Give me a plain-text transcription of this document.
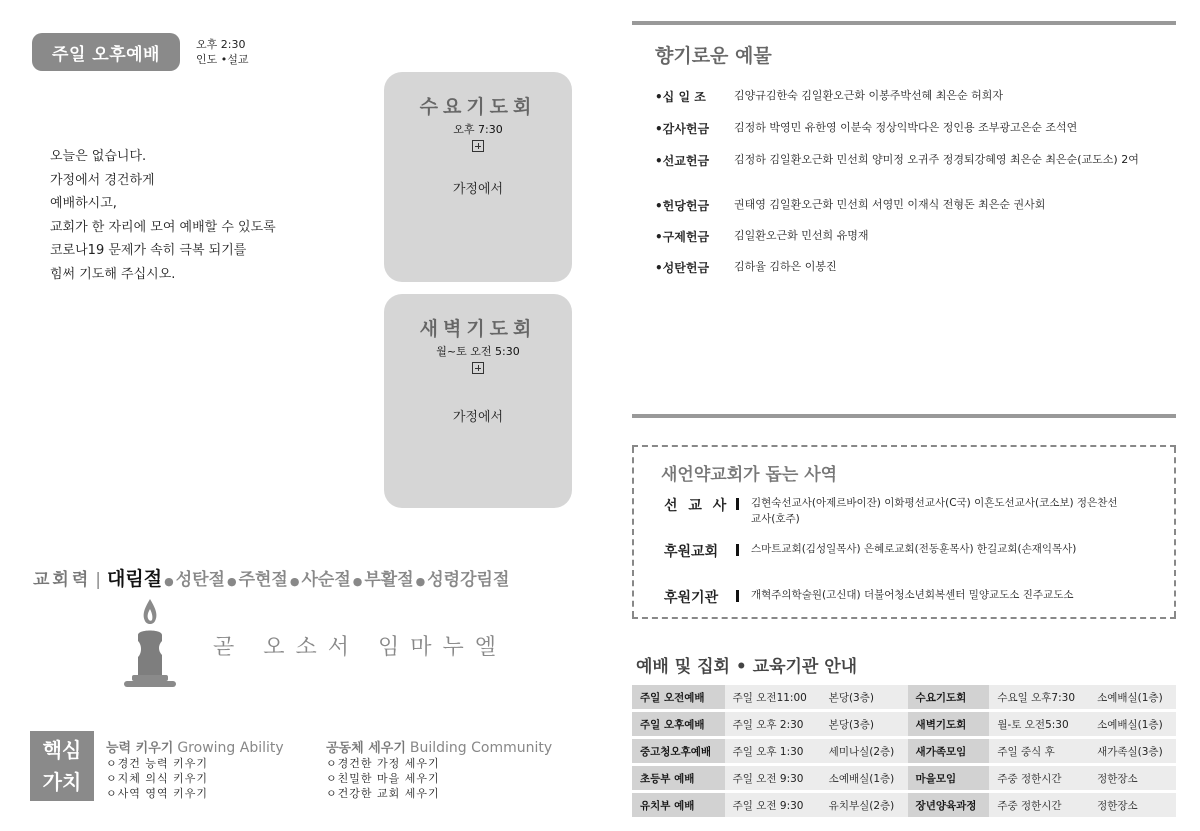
주일 오후예배	오후 2:30
인도 •설교
오늘은 없습니다.
가정에서 경건하게
예배하시고,
교회가 한 자리에 모여 예배할 수 있도록
코로나19 문제가 속히 극복 되기를
힘써 기도해 주십시오.
수요기도회
오후 7:30
가정에서
새벽기도회
월~토 오전 5:30
가정에서
교회력 | 대림절 ● 성탄절 ● 주현절 ● 사순절 ● 부활절 ● 성령강림절
곧 오소서 임마누엘
핵심
가치
능력 키우기 Growing Ability
ㅇ경건 능력 키우기
ㅇ지체 의식 키우기
ㅇ사역 영역 키우기
공동체 세우기 Building Community
ㅇ경건한 가정 세우기
ㅇ친밀한 마을 세우기
ㅇ건강한 교회 세우기
향기로운 예물
•십 일 조	김양규김한숙 김일환오근화 이봉주박선혜 최은순 허희자
•감사헌금	김정하 박영민 유한영 이분숙 정상익박다은 정인용 조부광고은순 조석연
•선교헌금	김정하 김일환오근화 민선희 양미정 오귀주 정경퇴강혜영 최은순 최은순(교도소) 2여
•헌당헌금	권태영 김일환오근화 민선희 서영민 이재식 전형돈 최은순 권사회
•구제헌금	김일환오근화 민선희 유명재
•성탄헌금	김하율 김하은 이봉진
새언약교회가 돕는 사역
선 교 사	김현숙선교사(아제르바이잔) 이화평선교사(C국) 이흔도선교사(코소보) 정은찬선교사(호주)
후원교회	스마트교회(김성일목사) 은혜로교회(전동훈목사) 한길교회(손재익목사)
후원기관	개혁주의학술원(고신대) 더불어청소년회복센터 밀양교도소 진주교도소
예배 및 집회 • 교육기관 안내
주일 오전예배	주일 오전11:00	본당(3층)	수요기도회	수요일 오후7:30	소예배실(1층)
주일 오후예배	주일 오후 2:30	본당(3층)	새벽기도회	월-토 오전5:30	소예배실(1층)
중고청오후예배	주일 오후 1:30	세미나실(2층)	새가족모임	주일 중식 후	새가족실(3층)
초등부 예배	주일 오전 9:30	소예배실(1층)	마을모임	주중 정한시간	정한장소
유치부 예배	주일 오전 9:30	유치부실(2층)	장년양육과정	주중 정한시간	정한장소
